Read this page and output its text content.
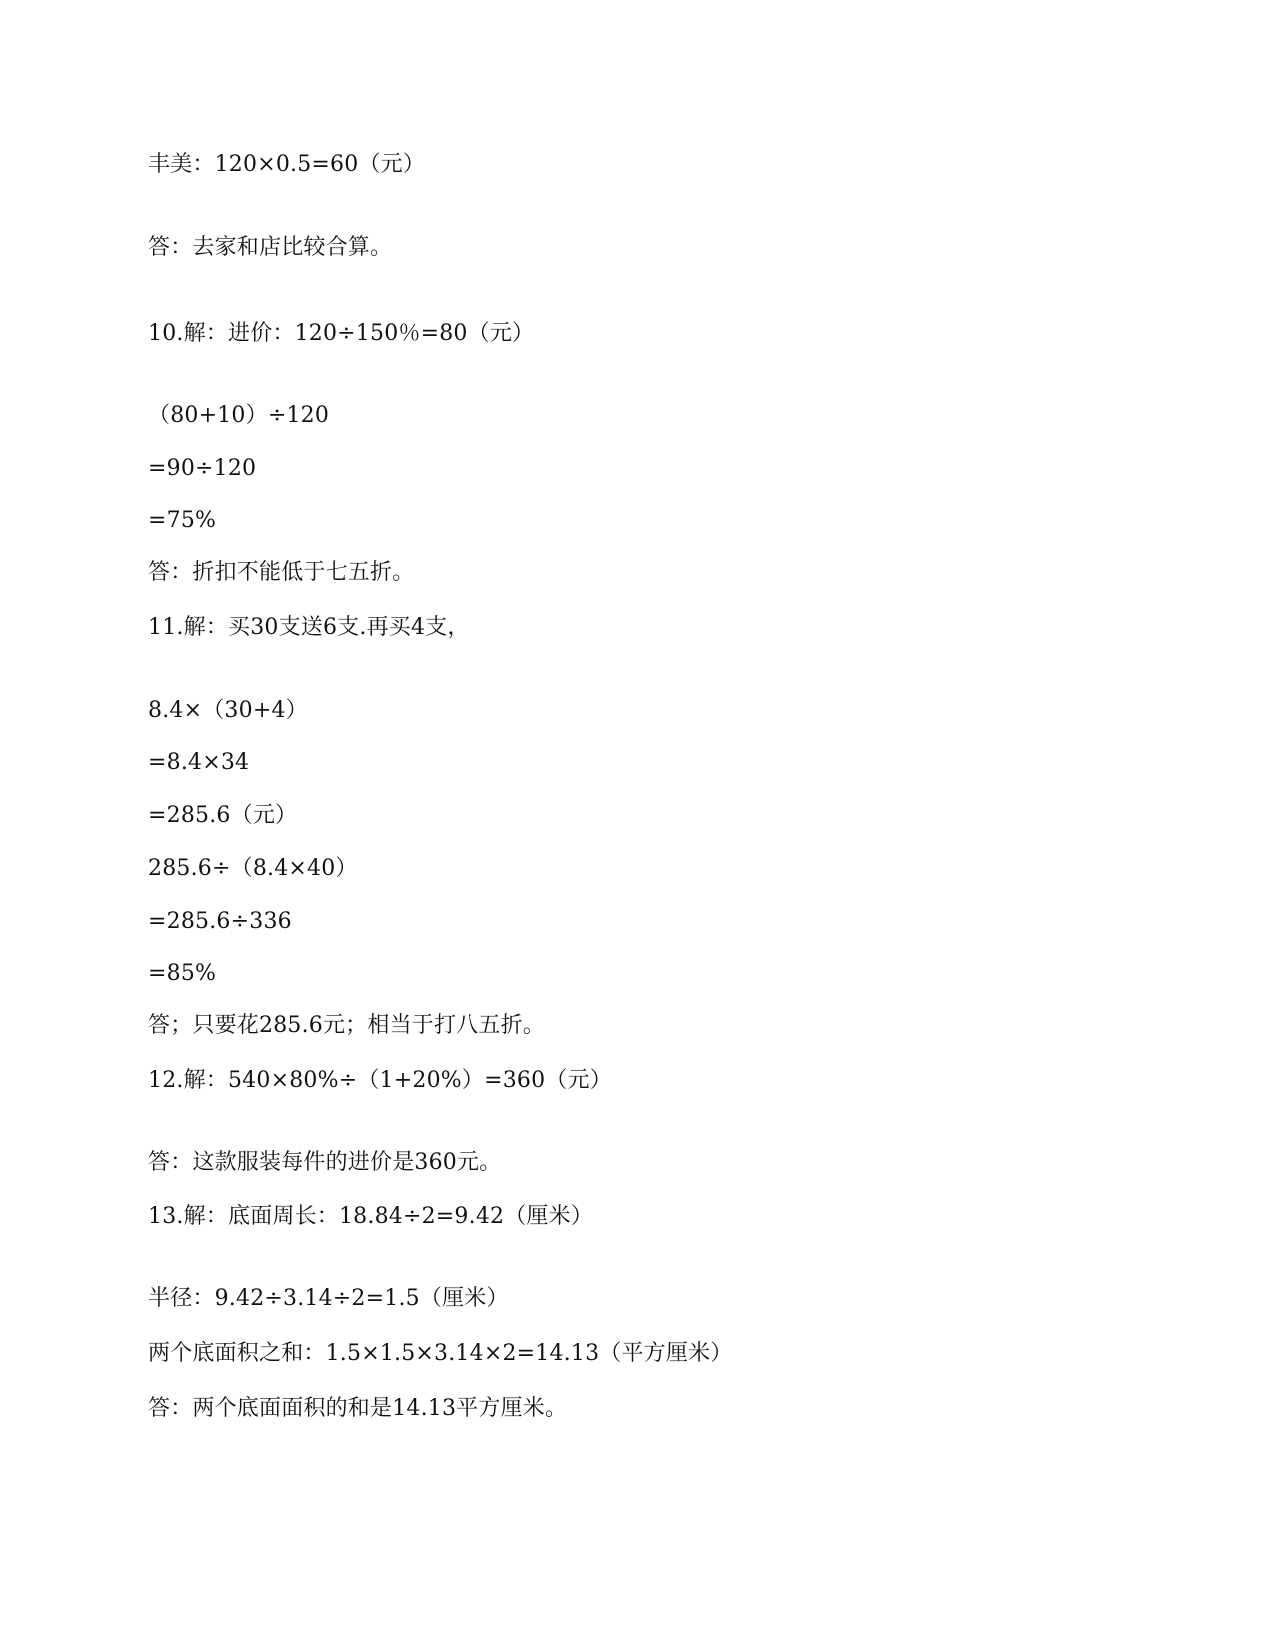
丰美：120×0.5=60（元）
答：去家和店比较合算。
10.解：进价：120÷150％=80（元）
（80+10）÷120
=90÷120
=75%
答：折扣不能低于七五折。
11.解：买30支送6支.再买4支，
8.4×（30+4）
=8.4×34
=285.6（元）
285.6÷（8.4×40）
=285.6÷336
=85%
答；只要花285.6元；相当于打八五折。
12.解：540×80%÷（1+20%）=360（元）
答：这款服装每件的进价是360元。
13.解：底面周长：18.84÷2=9.42（厘米）
半径：9.42÷3.14÷2=1.5（厘米）
两个底面积之和：1.5×1.5×3.14×2=14.13（平方厘米）
答：两个底面面积的和是14.13平方厘米。
